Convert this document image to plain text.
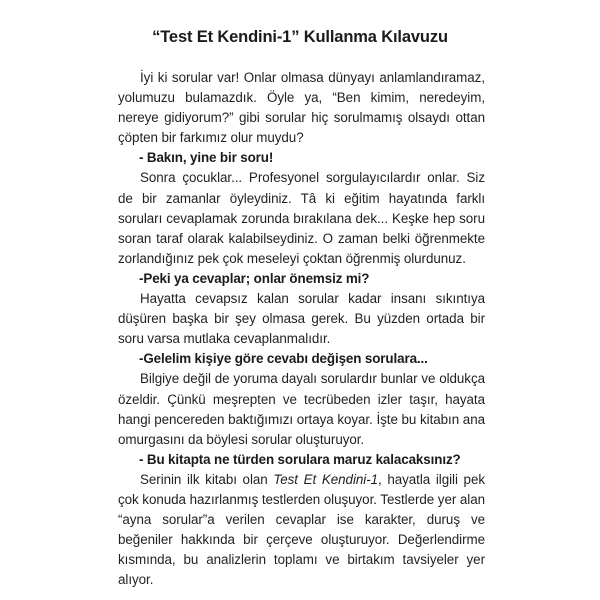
“Test Et Kendini-1” Kullanma Kılavuzu

İyi ki sorular var! Onlar olmasa dünyayı anlamlandıramaz, yolumuzu bulamazdık. Öyle ya, “Ben kimim, neredeyim, nereye gidiyorum?” gibi sorular hiç sorulmamış olsaydı ottan çöpten bir farkımız olur muydu?

- Bakın, yine bir soru!

Sonra çocuklar... Profesyonel sorgulayıcılardır onlar. Siz de bir zamanlar öyleydiniz. Tâ ki eğitim hayatında farklı soruları cevaplamak zorunda bırakılana dek... Keşke hep soru soran taraf olarak kalabilseydiniz. O zaman belki öğrenmekte zorlandığınız pek çok meseleyi çoktan öğrenmiş olurdunuz.

-Peki ya cevaplar; onlar önemsiz mi?

Hayatta cevapsız kalan sorular kadar insanı sıkıntıya düşüren başka bir şey olmasa gerek. Bu yüzden ortada bir soru varsa mutlaka cevaplanmalıdır.

-Gelelim kişiye göre cevabı değişen sorulara...

Bilgiye değil de yoruma dayalı sorulardır bunlar ve oldukça özeldir. Çünkü meşrepten ve tecrübeden izler taşır, hayata hangi pencereden baktığımızı ortaya koyar. İşte bu kitabın ana omurgasını da böylesi sorular oluşturuyor.

- Bu kitapta ne türden sorulara maruz kalacaksınız?

Serinin ilk kitabı olan Test Et Kendini-1, hayatla ilgili pek çok konuda hazırlanmış testlerden oluşuyor. Testlerde yer alan “ayna sorular”a verilen cevaplar ise karakter, duruş ve beğeniler hakkında bir çerçeve oluşturuyor. Değerlendirme kısmında, bu analizlerin toplamı ve birtakım tavsiyeler yer alıyor.
